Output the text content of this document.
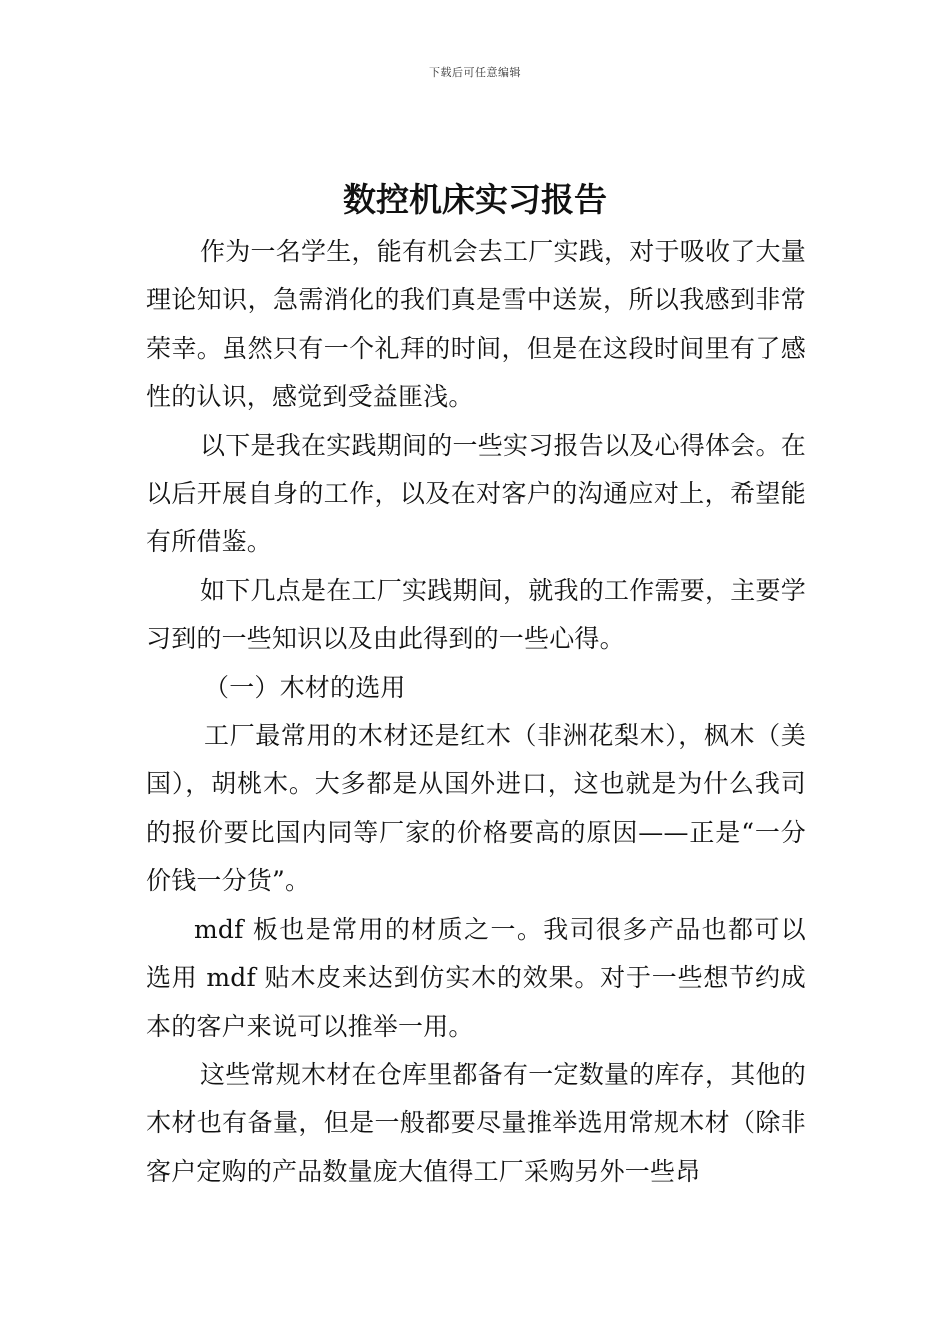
下载后可任意编辑
数控机床实习报告

作为一名学生，能有机会去工厂实践，对于吸收了大量理论知识，急需消化的我们真是雪中送炭，所以我感到非常荣幸。虽然只有一个礼拜的时间，但是在这段时间里有了感性的认识，感觉到受益匪浅。

以下是我在实践期间的一些实习报告以及心得体会。在以后开展自身的工作，以及在对客户的沟通应对上，希望能有所借鉴。

如下几点是在工厂实践期间，就我的工作需要，主要学习到的一些知识以及由此得到的一些心得。

（一）木材的选用

工厂最常用的木材还是红木（非洲花梨木），枫木（美国），胡桃木。大多都是从国外进口，这也就是为什么我司的报价要比国内同等厂家的价格要高的原因——正是“一分价钱一分货”。

mdf 板也是常用的材质之一。我司很多产品也都可以选用 mdf 贴木皮来达到仿实木的效果。对于一些想节约成本的客户来说可以推举一用。

这些常规木材在仓库里都备有一定数量的库存，其他的木材也有备量，但是一般都要尽量推举选用常规木材（除非客户定购的产品数量庞大值得工厂采购另外一些昂
